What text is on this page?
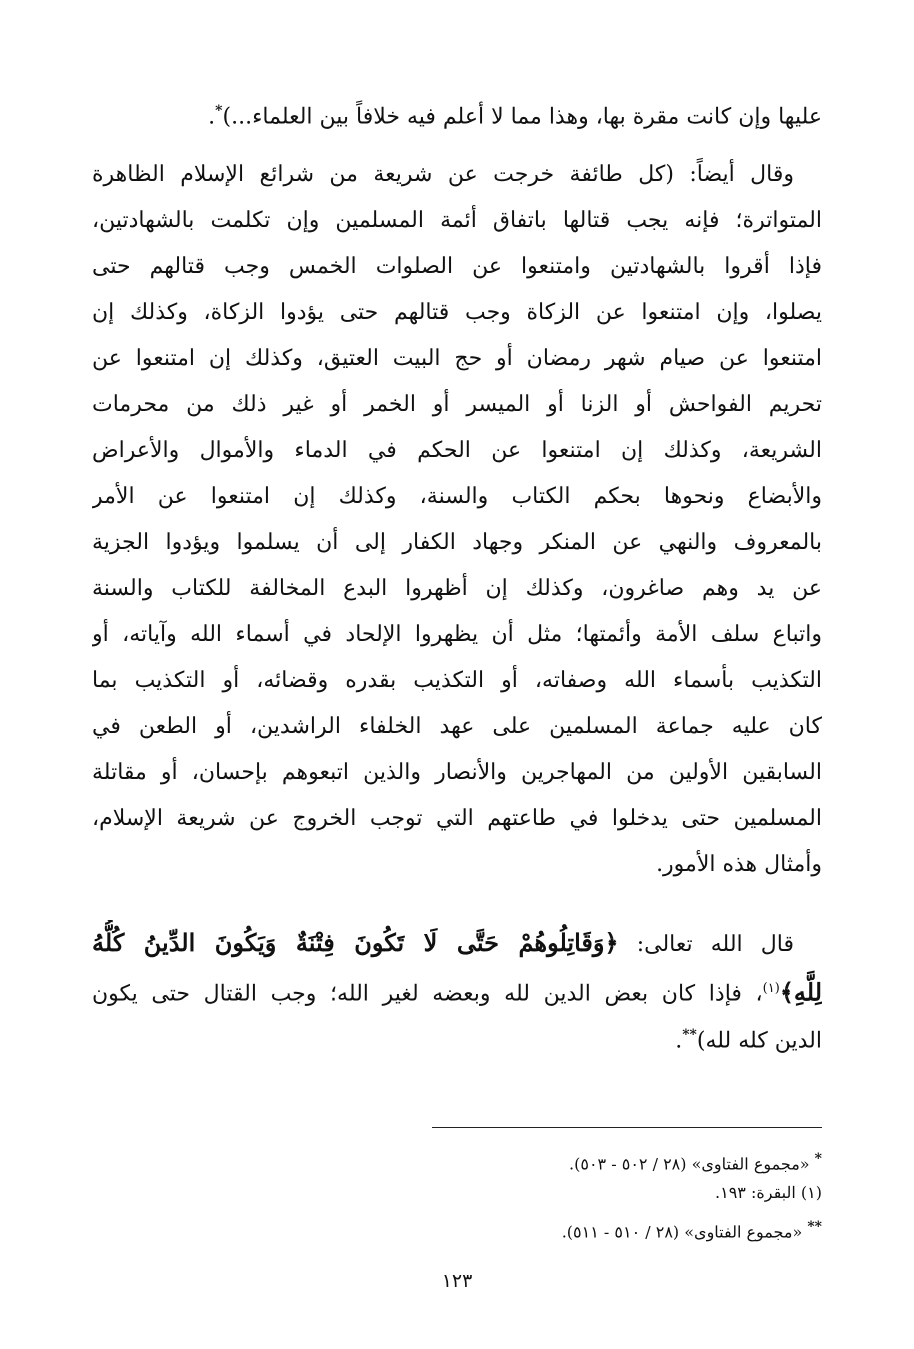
عليها وإن كانت مقرة بها، وهذا مما لا أعلم فيه خلافاً بين العلماء...)*.
وقال أيضاً: (كل طائفة خرجت عن شريعة من شرائع الإسلام الظاهرة
المتواترة؛ فإنه يجب قتالها باتفاق أئمة المسلمين وإن تكلمت بالشهادتين،
فإذا أقروا بالشهادتين وامتنعوا عن الصلوات الخمس وجب قتالهم حتى
يصلوا، وإن امتنعوا عن الزكاة وجب قتالهم حتى يؤدوا الزكاة، وكذلك إن
امتنعوا عن صيام شهر رمضان أو حج البيت العتيق، وكذلك إن امتنعوا عن
تحريم الفواحش أو الزنا أو الميسر أو الخمر أو غير ذلك من محرمات
الشريعة، وكذلك إن امتنعوا عن الحكم في الدماء والأموال والأعراض
والأبضاع ونحوها بحكم الكتاب والسنة، وكذلك إن امتنعوا عن الأمر
بالمعروف والنهي عن المنكر وجهاد الكفار إلى أن يسلموا ويؤدوا الجزية
عن يد وهم صاغرون، وكذلك إن أظهروا البدع المخالفة للكتاب والسنة
واتباع سلف الأمة وأئمتها؛ مثل أن يظهروا الإلحاد في أسماء الله وآياته، أو
التكذيب بأسماء الله وصفاته، أو التكذيب بقدره وقضائه، أو التكذيب بما
كان عليه جماعة المسلمين على عهد الخلفاء الراشدين، أو الطعن في
السابقين الأولين من المهاجرين والأنصار والذين اتبعوهم بإحسان، أو مقاتلة
المسلمين حتى يدخلوا في طاعتهم التي توجب الخروج عن شريعة الإسلام،
وأمثال هذه الأمور.
قال الله تعالى: ﴿وَقَاتِلُوهُمْ حَتَّى لَا تَكُونَ فِتْنَةٌ وَيَكُونَ الدِّينُ كُلُّهُ
لِلَّهِ﴾$^{(١)}$، فإذا كان بعض الدين لله وبعضه لغير الله؛ وجب القتال حتى يكون
الدين كله لله)**.
* «مجموع الفتاوى» (٢٨ / ٥٠٢ - ٥٠٣).
(١) البقرة: ١٩٣.
** «مجموع الفتاوى» (٢٨ / ٥١٠ - ٥١١).
١٢٣
